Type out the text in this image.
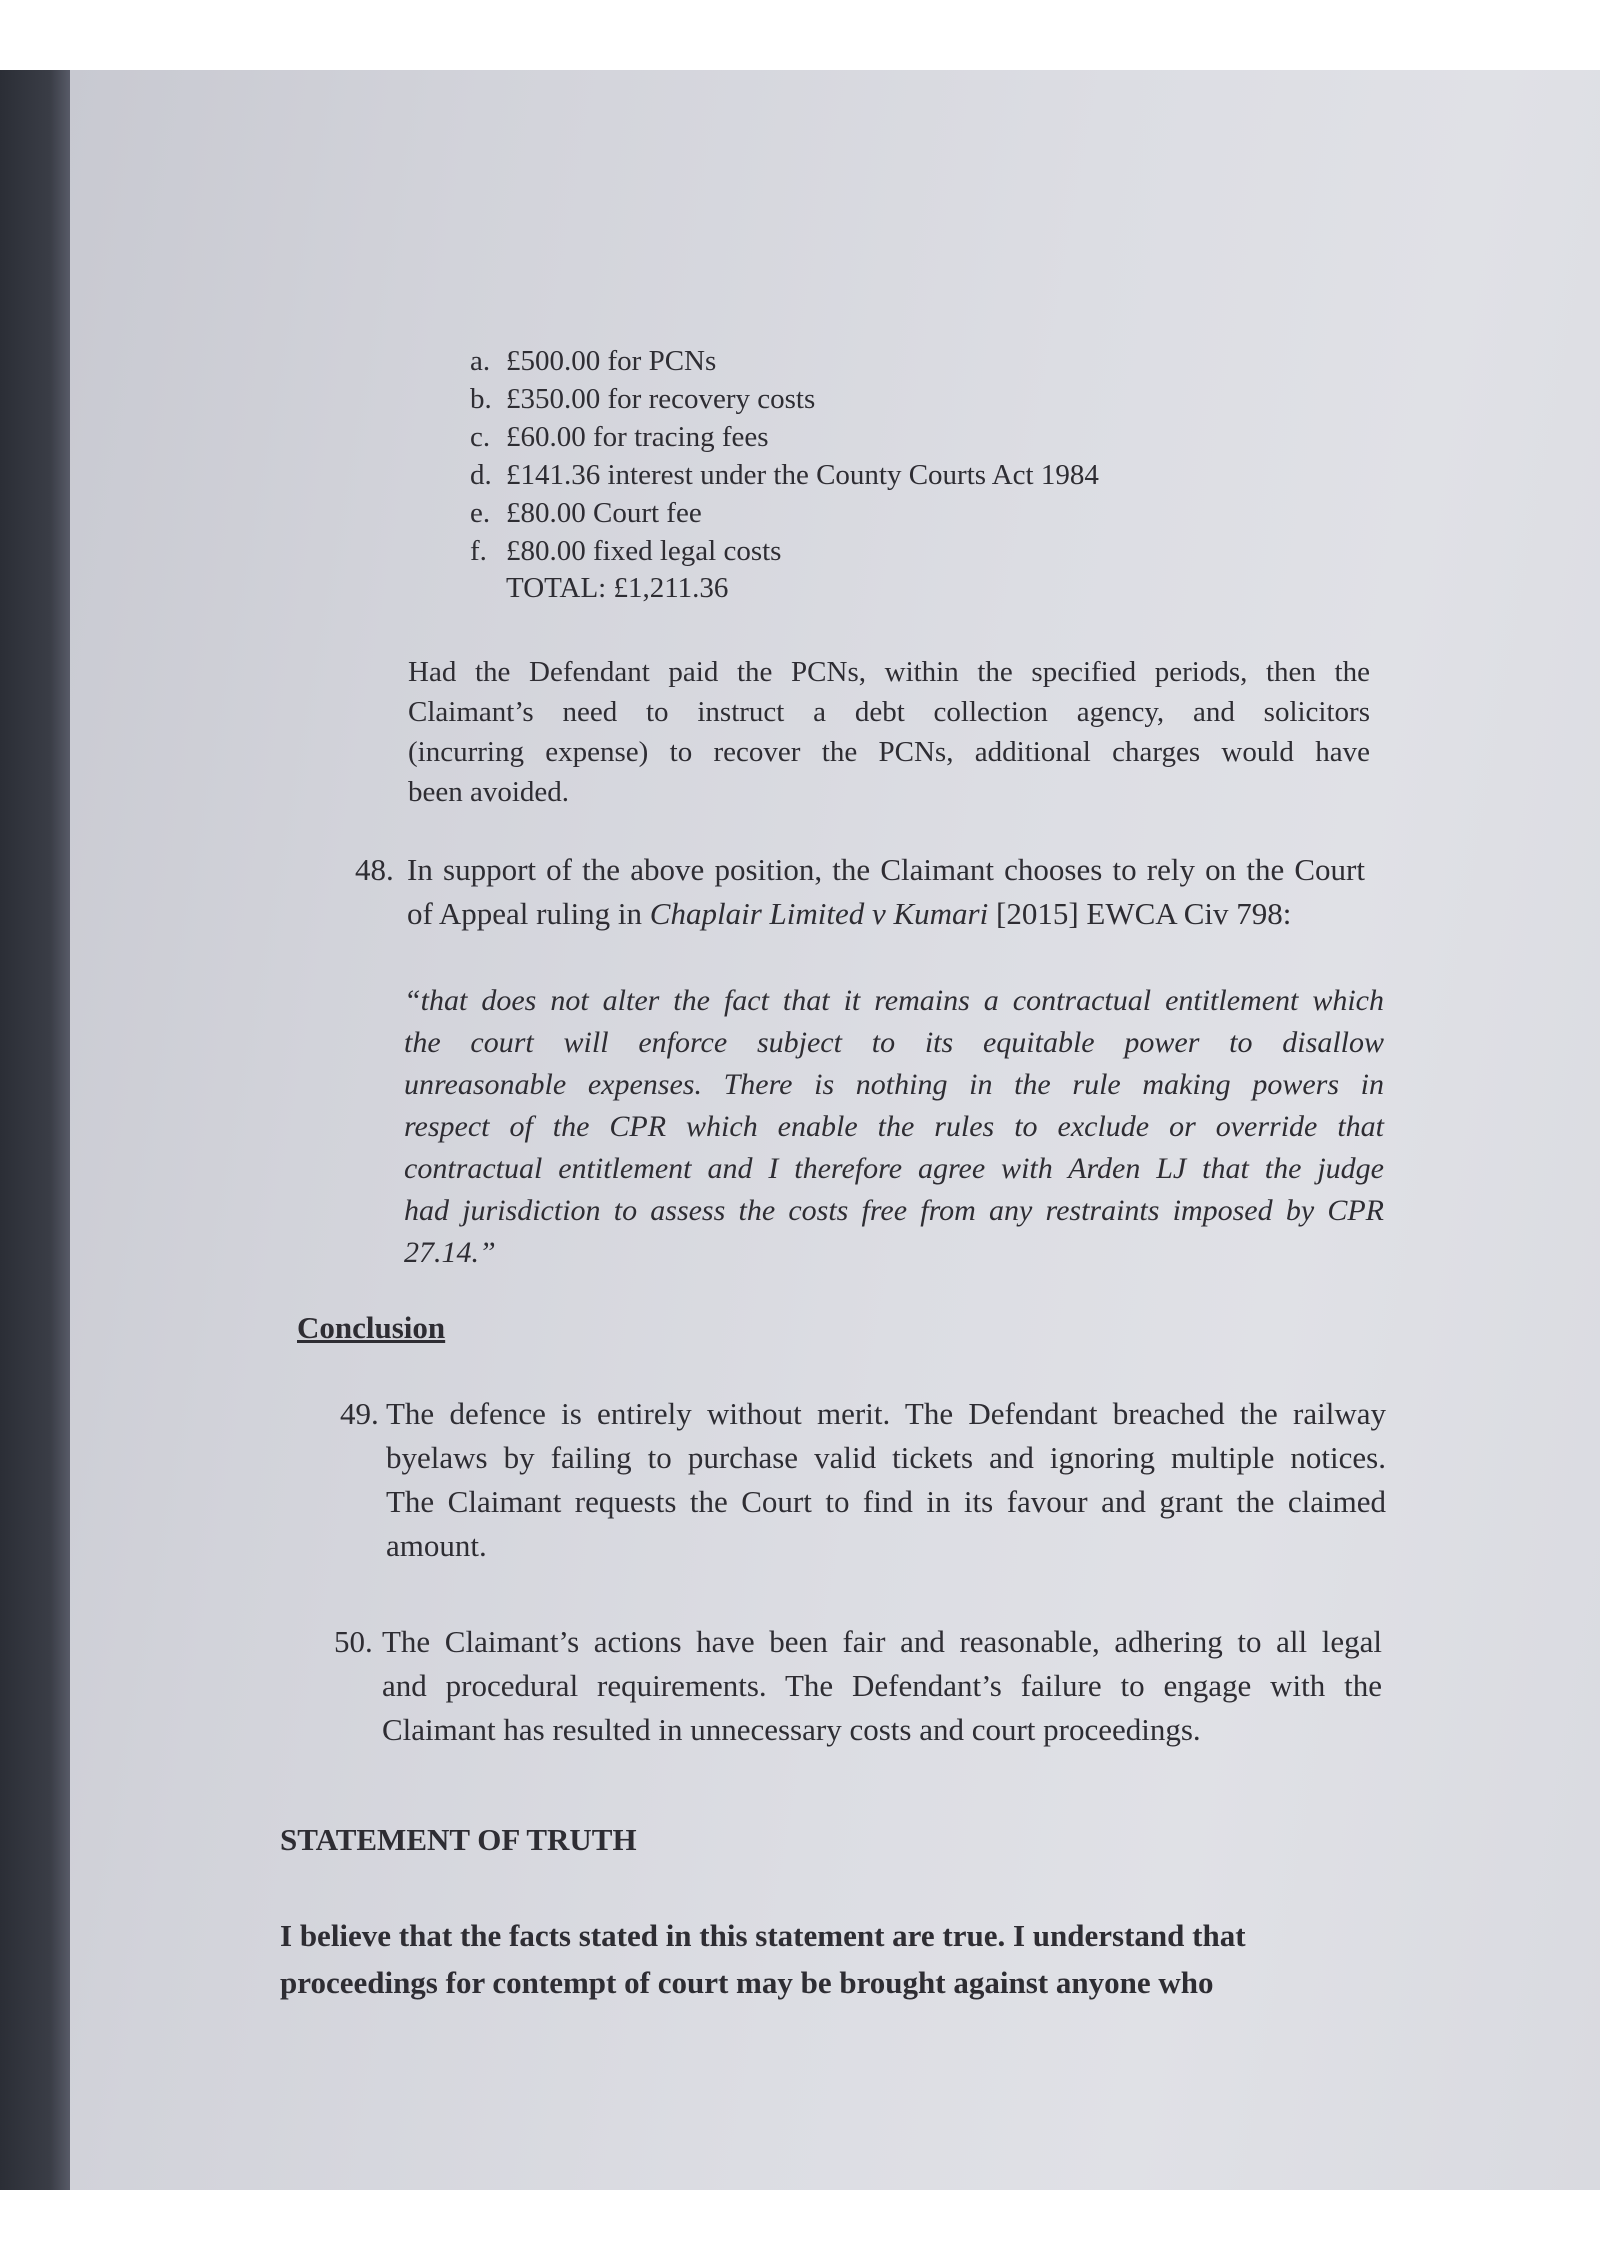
a. £500.00 for PCNs
b. £350.00 for recovery costs
c. £60.00 for tracing fees
d. £141.36 interest under the County Courts Act 1984
e. £80.00 Court fee
f. £80.00 fixed legal costs
TOTAL: £1,211.36
Had the Defendant paid the PCNs, within the specified periods, then the
Claimant’s need to instruct a debt collection agency, and solicitors
(incurring expense) to recover the PCNs, additional charges would have
been avoided.
48. In support of the above position, the Claimant chooses to rely on the Court
of Appeal ruling in Chaplair Limited v Kumari [2015] EWCA Civ 798:
“that does not alter the fact that it remains a contractual entitlement which
the court will enforce subject to its equitable power to disallow
unreasonable expenses. There is nothing in the rule making powers in
respect of the CPR which enable the rules to exclude or override that
contractual entitlement and I therefore agree with Arden LJ that the judge
had jurisdiction to assess the costs free from any restraints imposed by CPR
27.14.”
Conclusion
49. The defence is entirely without merit. The Defendant breached the railway
byelaws by failing to purchase valid tickets and ignoring multiple notices.
The Claimant requests the Court to find in its favour and grant the claimed
amount.
50. The Claimant’s actions have been fair and reasonable, adhering to all legal
and procedural requirements. The Defendant’s failure to engage with the
Claimant has resulted in unnecessary costs and court proceedings.
STATEMENT OF TRUTH
I believe that the facts stated in this statement are true. I understand that
proceedings for contempt of court may be brought against anyone who
